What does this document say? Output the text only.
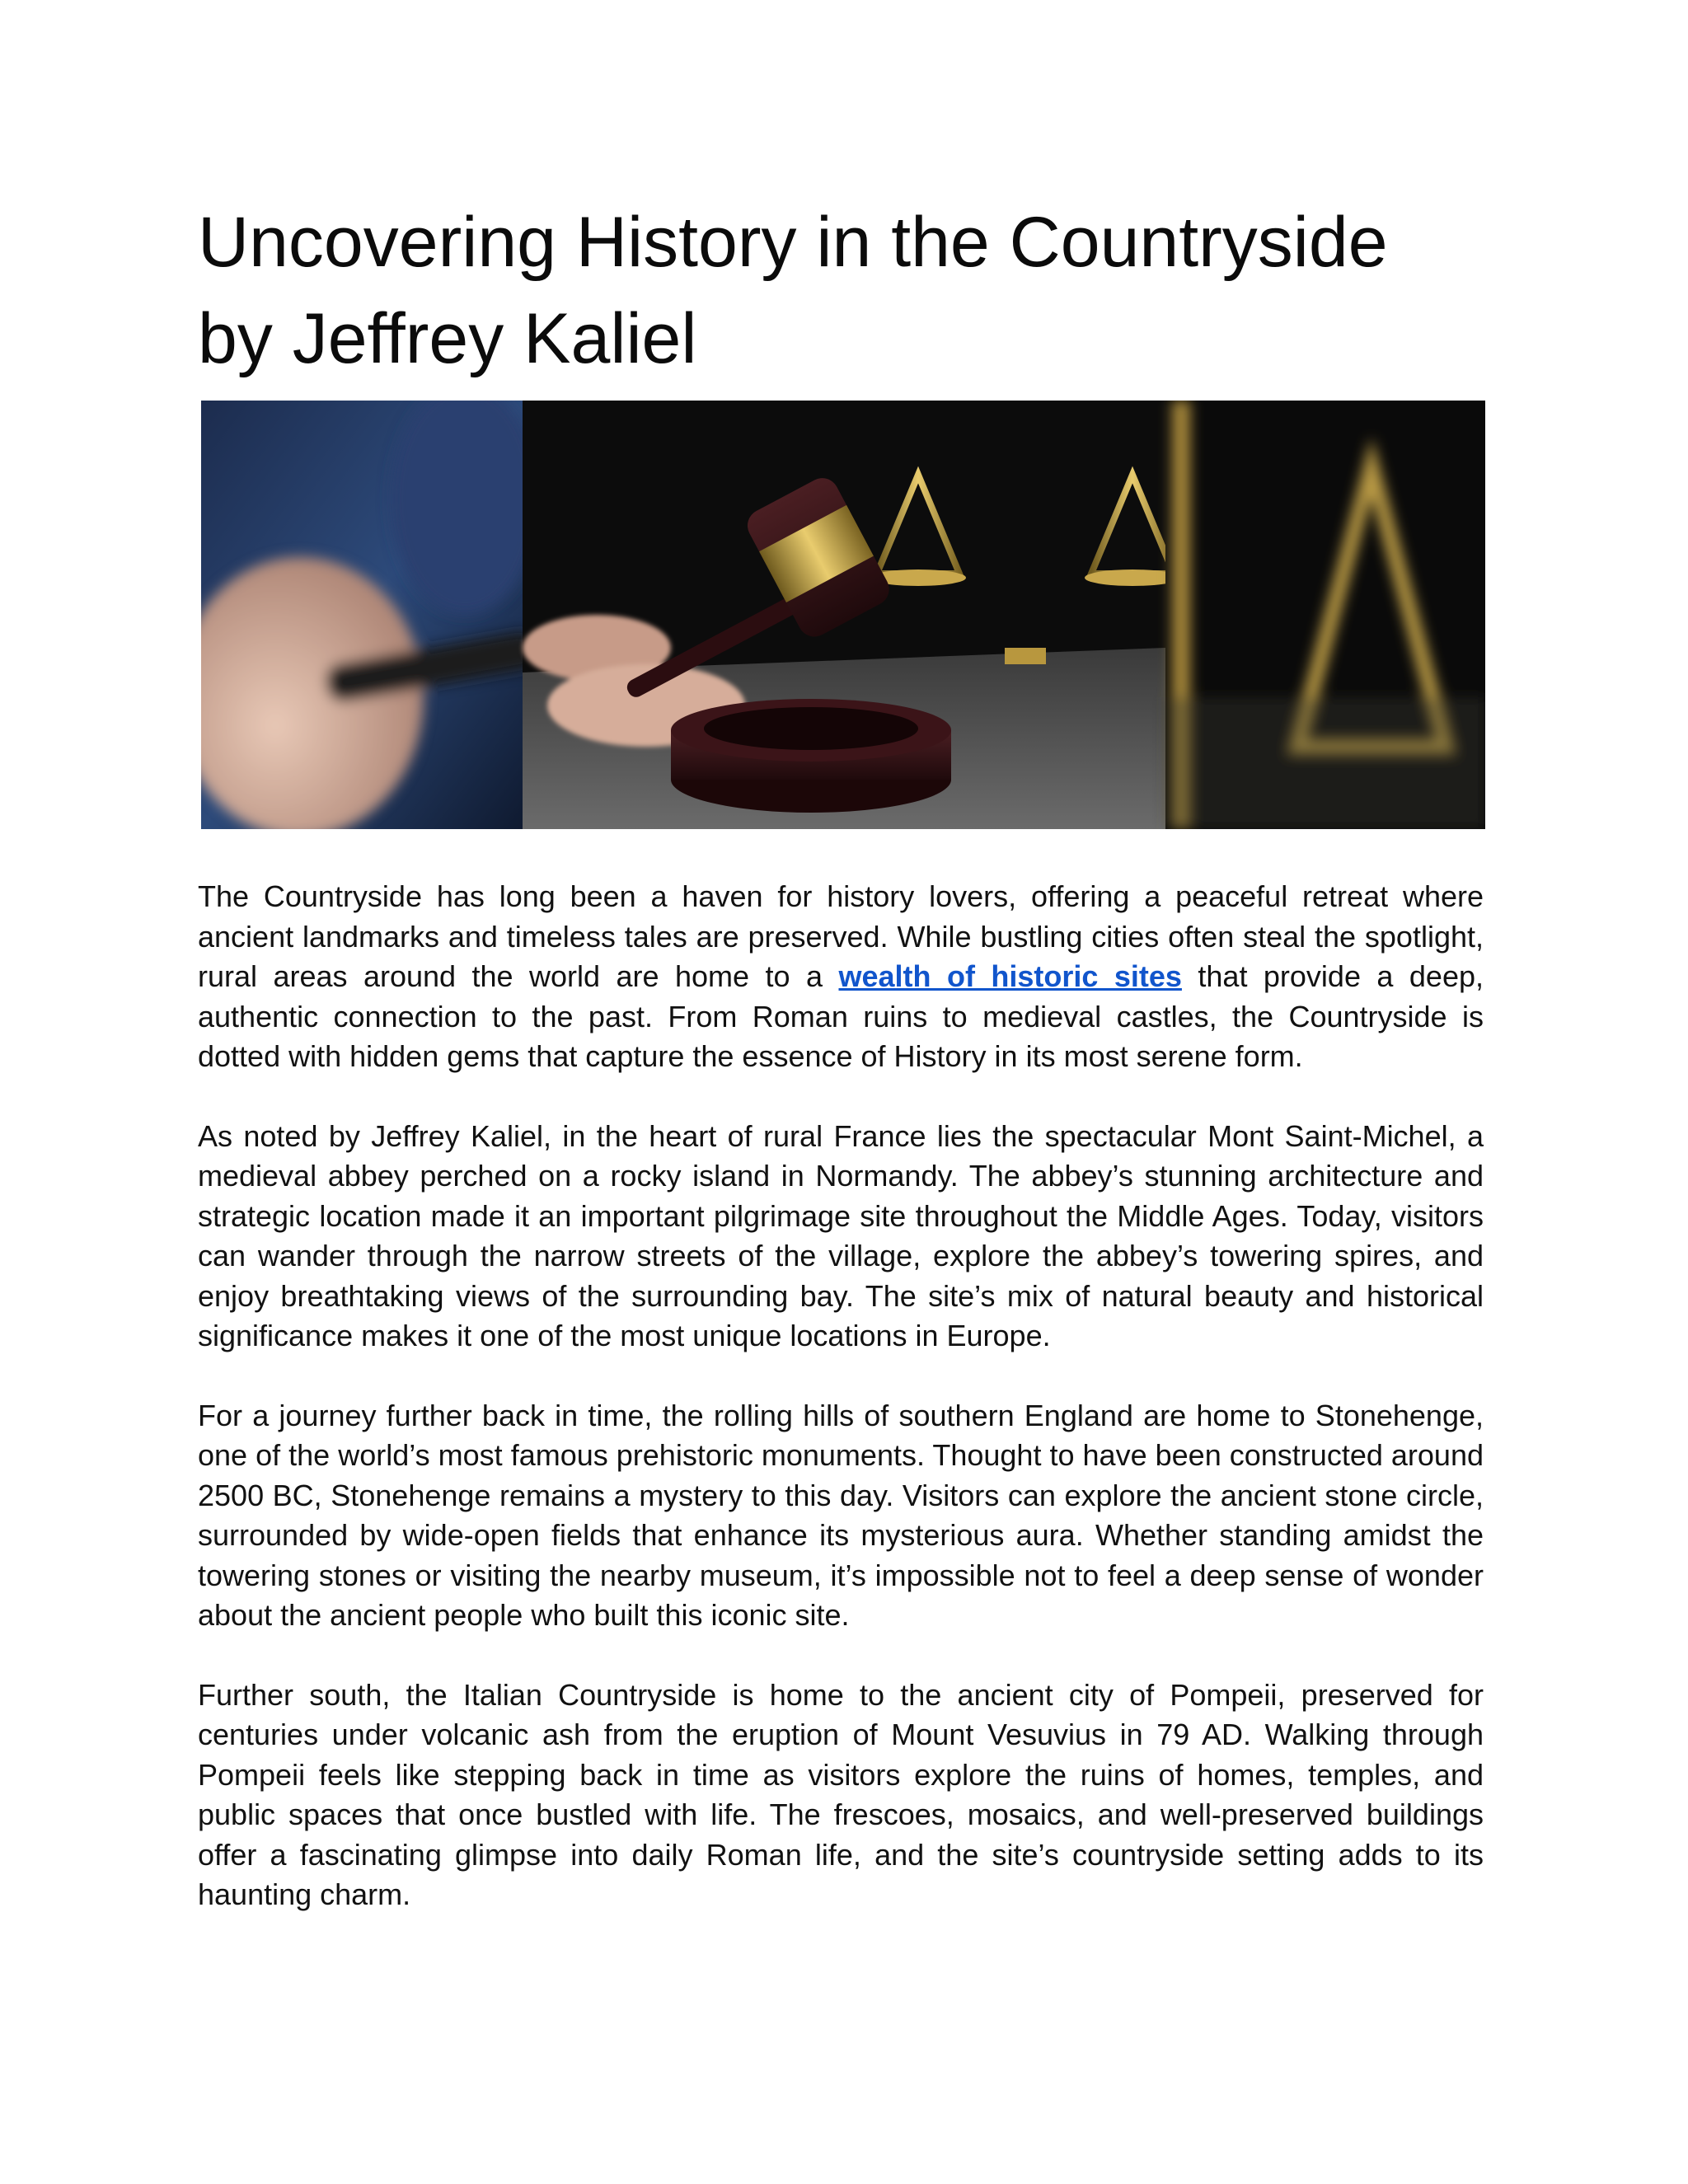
Uncovering History in the Countryside
by Jeffrey Kaliel

The Countryside has long been a haven for history lovers, offering a peaceful retreat where ancient landmarks and timeless tales are preserved. While bustling cities often steal the spotlight, rural areas around the world are home to a wealth of historic sites that provide a deep, authentic connection to the past. From Roman ruins to medieval castles, the Countryside is dotted with hidden gems that capture the essence of History in its most serene form.

As noted by Jeffrey Kaliel, in the heart of rural France lies the spectacular Mont Saint-Michel, a medieval abbey perched on a rocky island in Normandy. The abbey’s stunning architecture and strategic location made it an important pilgrimage site throughout the Middle Ages. Today, visitors can wander through the narrow streets of the village, explore the abbey’s towering spires, and enjoy breathtaking views of the surrounding bay. The site’s mix of natural beauty and historical significance makes it one of the most unique locations in Europe.

For a journey further back in time, the rolling hills of southern England are home to Stonehenge, one of the world’s most famous prehistoric monuments. Thought to have been constructed around 2500 BC, Stonehenge remains a mystery to this day. Visitors can explore the ancient stone circle, surrounded by wide-open fields that enhance its mysterious aura. Whether standing amidst the towering stones or visiting the nearby museum, it’s impossible not to feel a deep sense of wonder about the ancient people who built this iconic site.

Further south, the Italian Countryside is home to the ancient city of Pompeii, preserved for centuries under volcanic ash from the eruption of Mount Vesuvius in 79 AD. Walking through Pompeii feels like stepping back in time as visitors explore the ruins of homes, temples, and public spaces that once bustled with life. The frescoes, mosaics, and well-preserved buildings offer a fascinating glimpse into daily Roman life, and the site’s countryside setting adds to its haunting charm.
